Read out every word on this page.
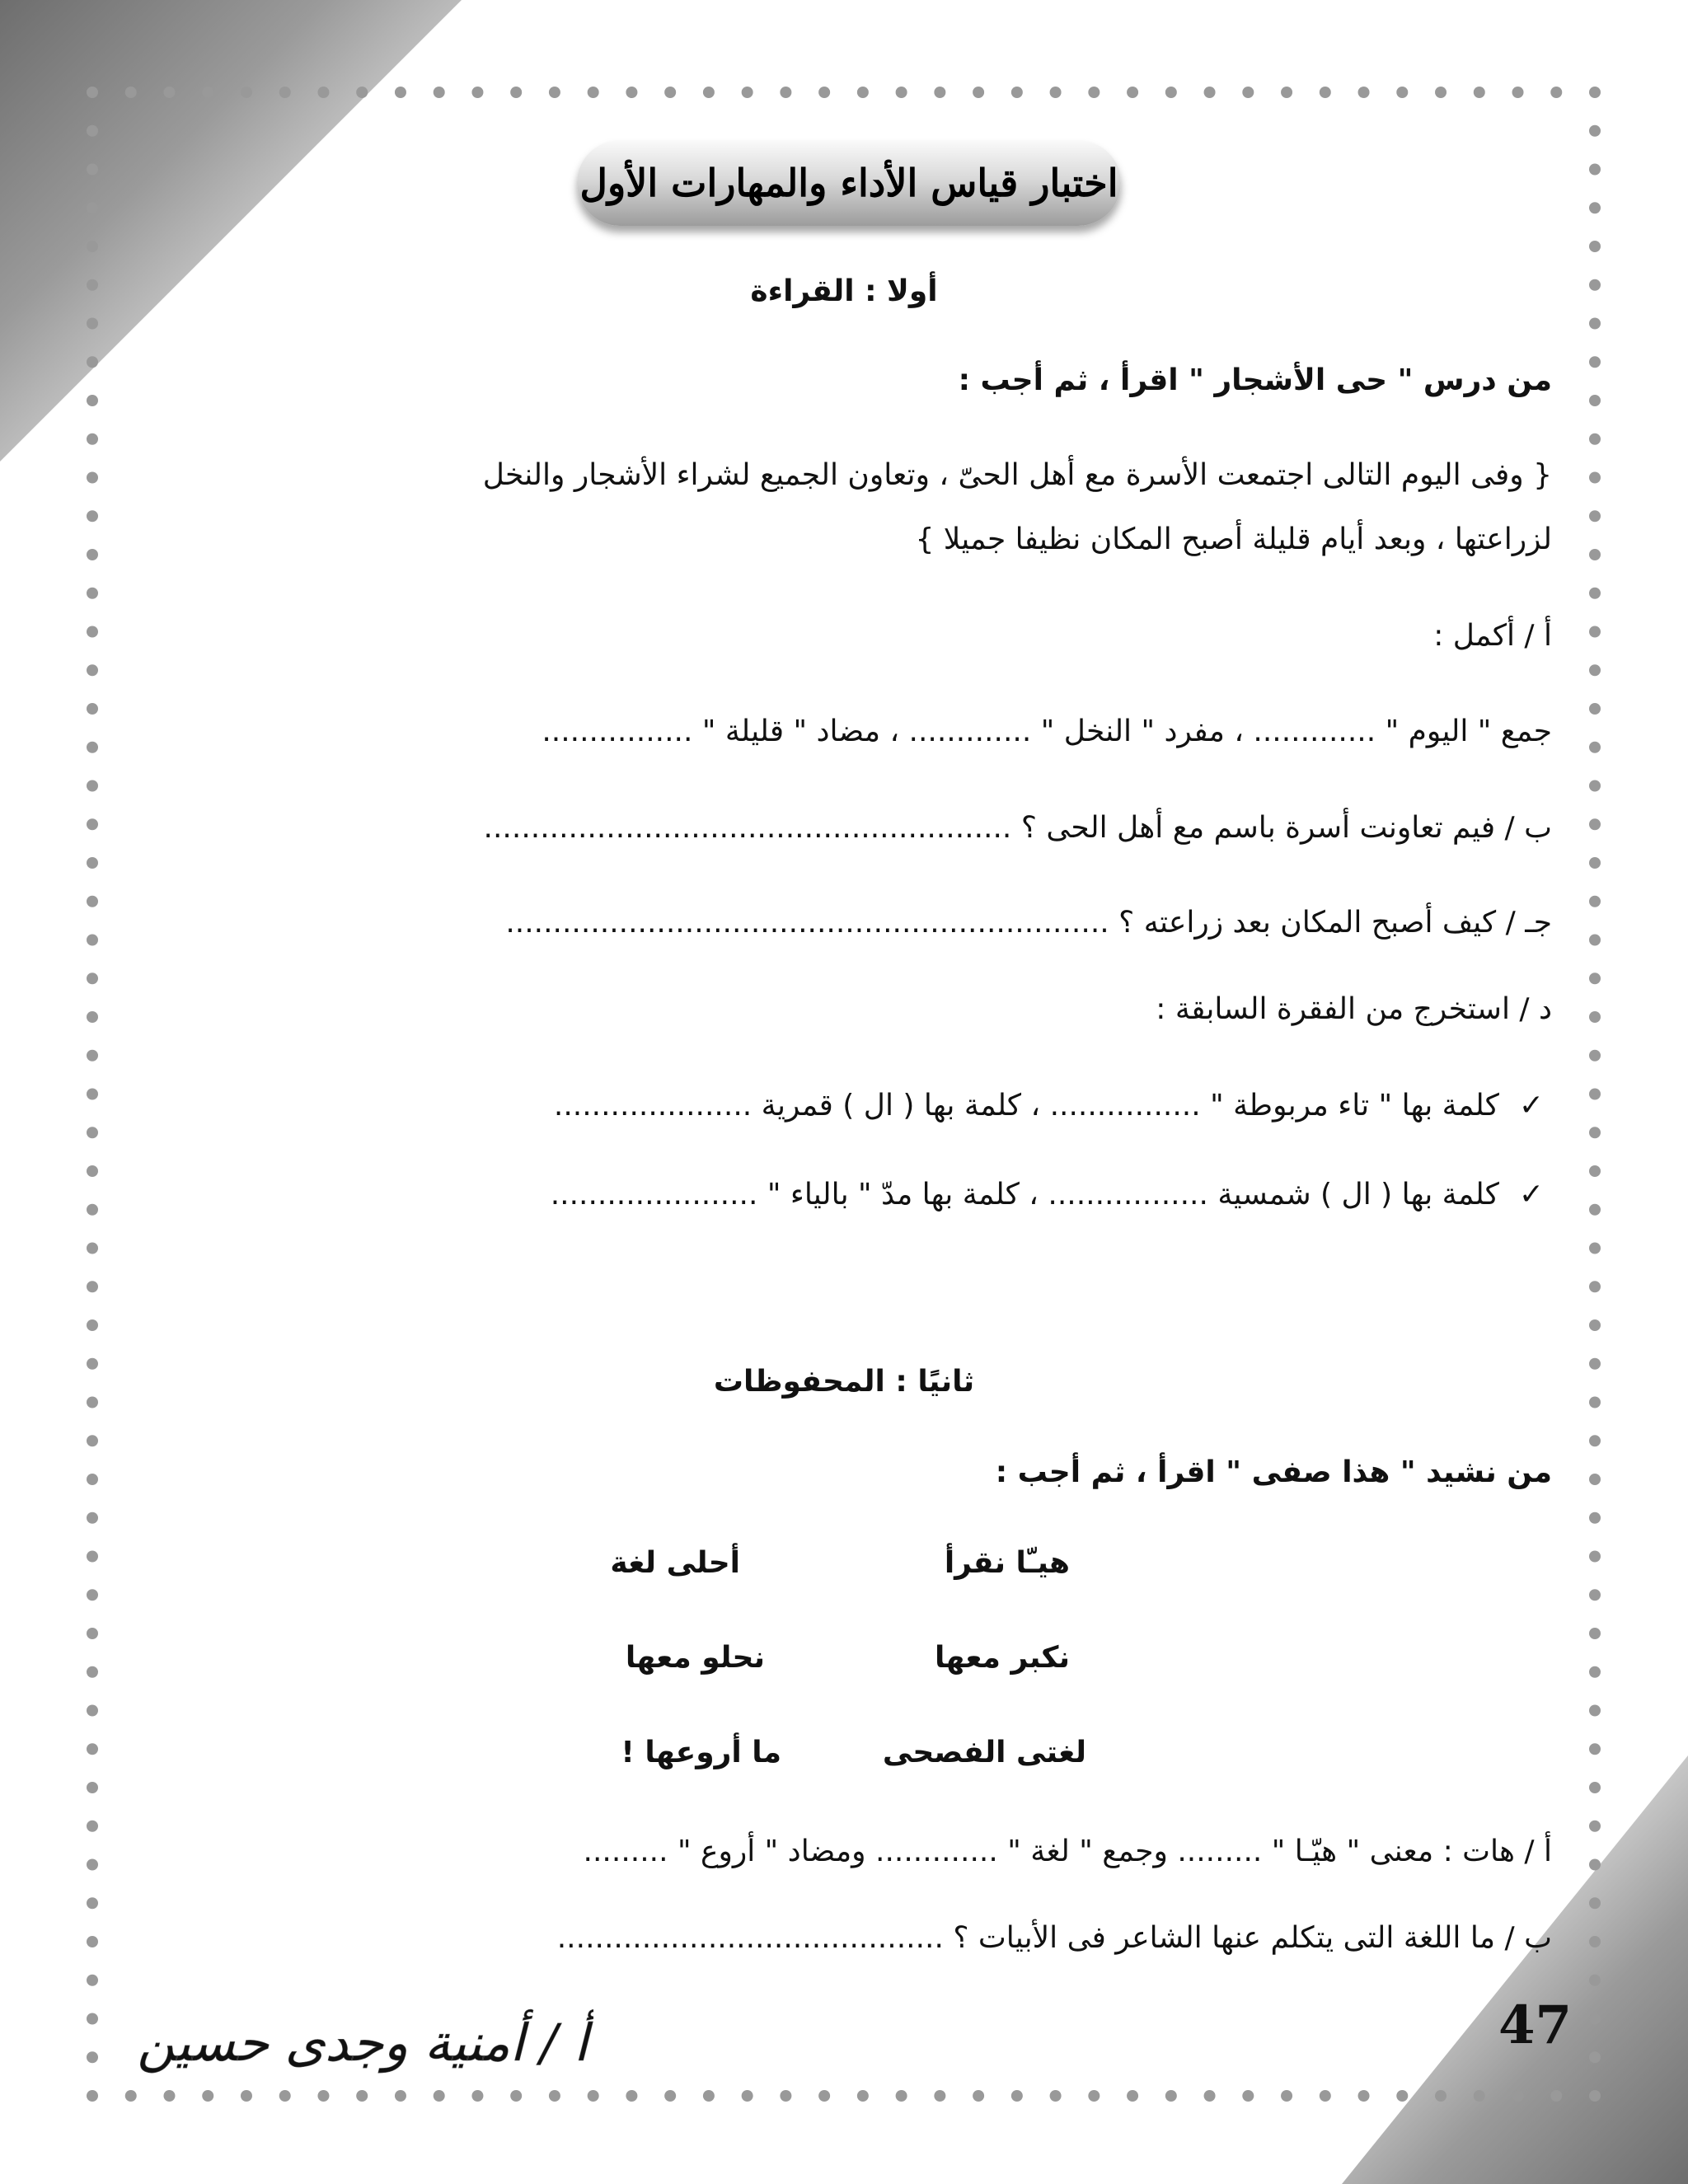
اختبار قياس الأداء والمهارات الأول
أولا : القراءة
من درس " حى الأشجار " اقرأ ، ثم أجب :
{ وفى اليوم التالى اجتمعت الأسرة مع أهل الحىّ ، وتعاون الجميع لشراء الأشجار والنخل
لزراعتها ، وبعد أيام قليلة أصبح المكان نظيفا جميلا }
أ / أكمل :
جمع " اليوم " ............. ، مفرد " النخل " ............. ، مضاد " قليلة " ................
ب / فيم تعاونت أسرة باسم مع أهل الحى ؟ ........................................................
جـ / كيف أصبح المكان بعد زراعته ؟ ................................................................
د / استخرج من الفقرة السابقة :
✓كلمة بها " تاء مربوطة " ................ ، كلمة بها ( ال ) قمرية .....................
✓كلمة بها ( ال ) شمسية ................. ، كلمة بها مدّ " بالياء " ......................
ثانيًا : المحفوظات
من نشيد " هذا صفى " اقرأ ، ثم أجب :
هيـّا نقرأ
أحلى لغة
نكبر معها
نحلو معها
لغتى الفصحى
ما أروعها !
أ / هات : معنى " هيّـا " ......... وجمع " لغة " ............. ومضاد " أروع " .........
ب / ما اللغة التى يتكلم عنها الشاعر فى الأبيات ؟ .........................................
47
أ / أمنية وجدى حسين
